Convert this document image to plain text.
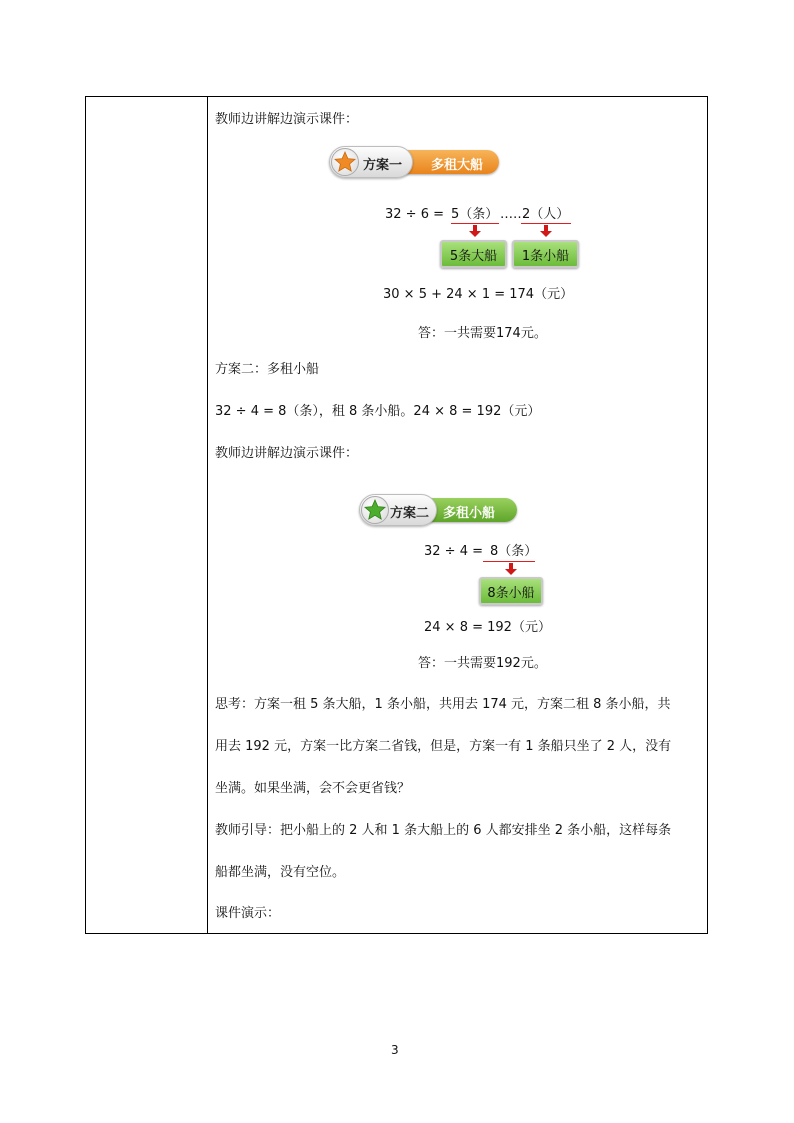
教师边讲解边演示课件：
方案一 多租大船
32 ÷ 6 = 5（条） ……
2（人）
5条大船	1条小船
30 × 5 + 24 × 1 = 174（元）
答：一共需要174元。
方案二：多租小船
32 ÷ 4 = 8（条），租 8 条小船。24 × 8 = 192（元）
教师边讲解边演示课件：
方案二 多租小船
32 ÷ 4 = 8（条）
8条小船
24 × 8 = 192（元）
答：一共需要192元。
思考：方案一租 5 条大船，1 条小船，共用去 174 元，方案二租 8 条小船，共
用去 192 元，方案一比方案二省钱，但是，方案一有 1 条船只坐了 2 人，没有
坐满。如果坐满，会不会更省钱？
教师引导：把小船上的 2 人和 1 条大船上的 6 人都安排坐 2 条小船，这样每条
船都坐满，没有空位。
课件演示：
3
